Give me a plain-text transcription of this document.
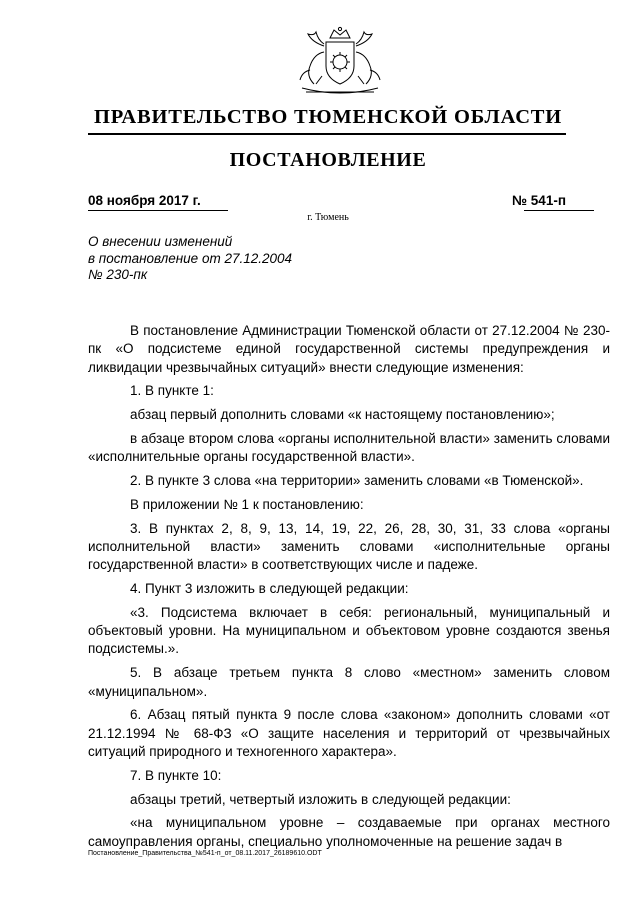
ПРАВИТЕЛЬСТВО ТЮМЕНСКОЙ ОБЛАСТИ
ПОСТАНОВЛЕНИЕ
08 ноября 2017 г.	№ 541-п
г. Тюмень
О внесении изменений
в постановление от 27.12.2004
№ 230-пк

В постановление Администрации Тюменской области от 27.12.2004 № 230-пк «О подсистеме единой государственной системы предупреждения и ликвидации чрезвычайных ситуаций» внести следующие изменения:

1. В пункте 1:

абзац первый дополнить словами «к настоящему постановлению»;

в абзаце втором слова «органы исполнительной власти» заменить словами «исполнительные органы государственной власти».

2. В пункте 3 слова «на территории» заменить словами «в Тюменской».

В приложении № 1 к постановлению:

3. В пунктах 2, 8, 9, 13, 14, 19, 22, 26, 28, 30, 31, 33 слова «органы исполнительной власти» заменить словами «исполнительные органы государственной власти» в соответствующих числе и падеже.

4. Пункт 3 изложить в следующей редакции:

«3. Подсистема включает в себя: региональный, муниципальный и объектовый уровни. На муниципальном и объектовом уровне создаются звенья подсистемы.».

5. В абзаце третьем пункта 8 слово «местном» заменить словом «муниципальном».

6. Абзац пятый пункта 9 после слова «законом» дополнить словами «от 21.12.1994 № 68-ФЗ «О защите населения и территорий от чрезвычайных ситуаций природного и техногенного характера».

7. В пункте 10:

абзацы третий, четвертый изложить в следующей редакции:

«на муниципальном уровне – создаваемые при органах местного самоуправления органы, специально уполномоченные на решение задач в

Постановление_Правительства_№541-п_от_08.11.2017_26189610.ODT
